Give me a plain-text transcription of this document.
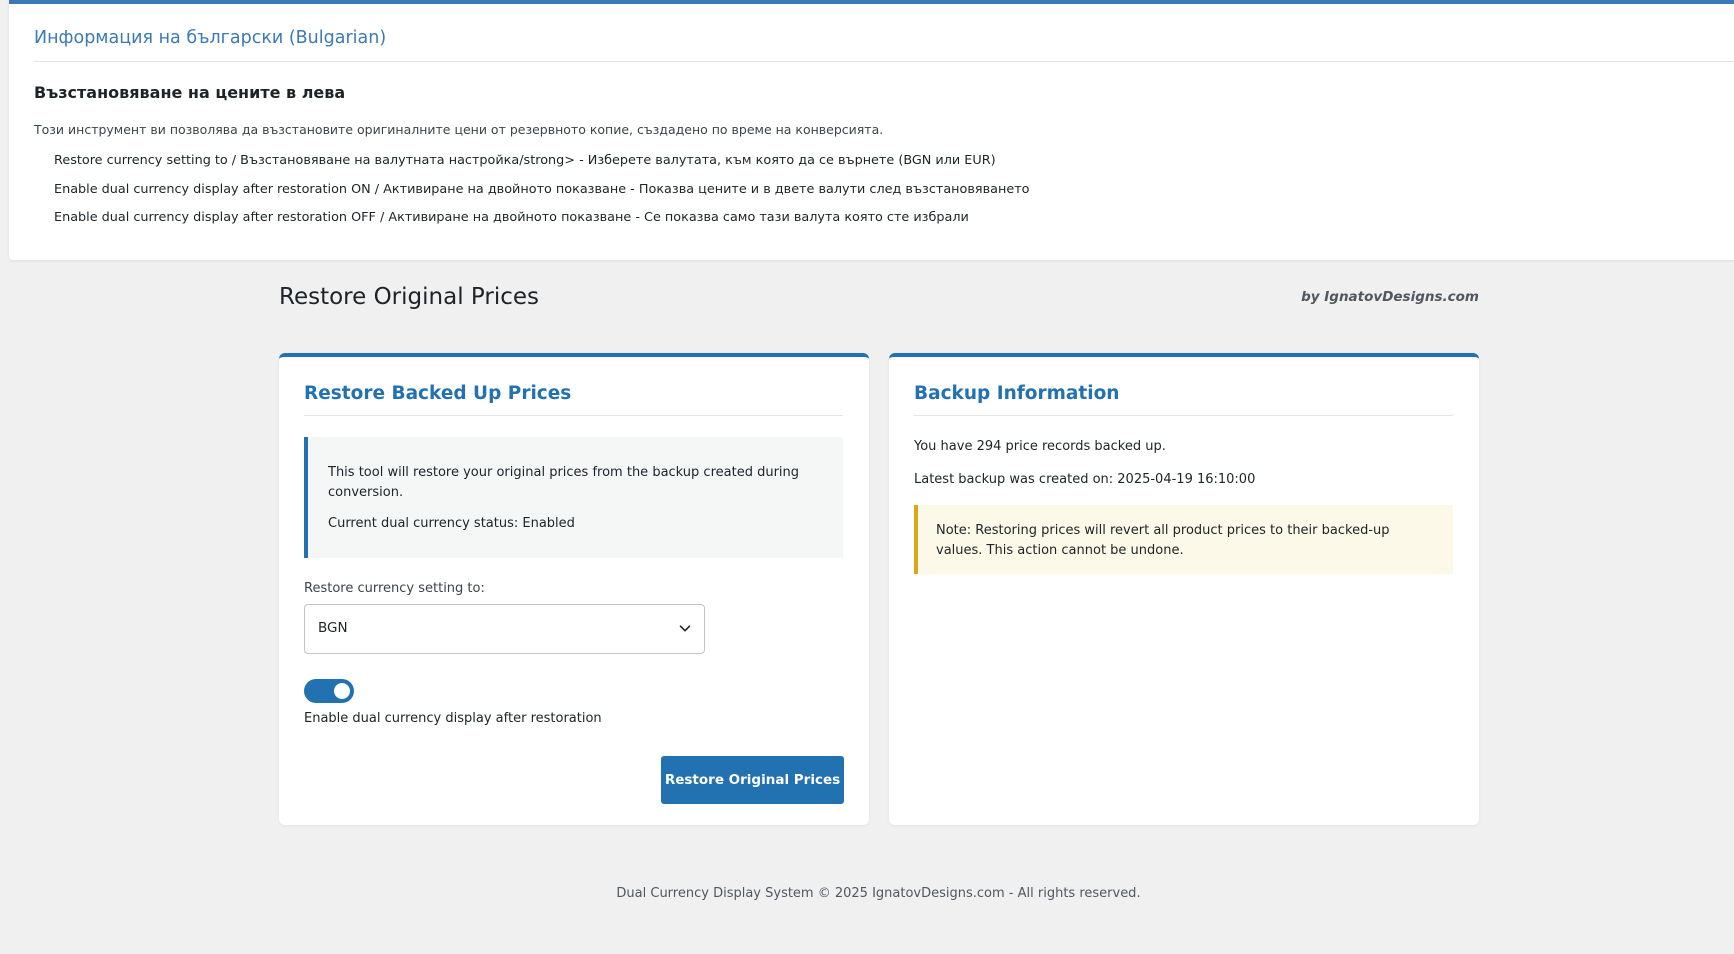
Информация на български (Bulgarian)
Възстановяване на цените в лева

Този инструмент ви позволява да възстановите оригиналните цени от резервното копие, създадено по време на конверсията.

Restore currency setting to / Възстановяване на валутната настройка/strong> - Изберете валутата, към която да се върнете (BGN или EUR)
Enable dual currency display after restoration ON / Активиране на двойното показване - Показва цените и в двете валути след възстановяването
Enable dual currency display after restoration OFF / Активиране на двойното показване - Се показва само тази валута която сте избрали
Restore Original Prices	by IgnatovDesigns.com
Restore Backed Up Prices

This tool will restore your original prices from the backup created during conversion.

Current dual currency status: Enabled

Restore currency setting to:
BGN
Enable dual currency display after restoration
Restore Original Prices
Backup Information

You have 294 price records backed up.

Latest backup was created on: 2025-04-19 16:10:00

Note: Restoring prices will revert all product prices to their backed-up values. This action cannot be undone.

Dual Currency Display System © 2025 IgnatovDesigns.com - All rights reserved.
